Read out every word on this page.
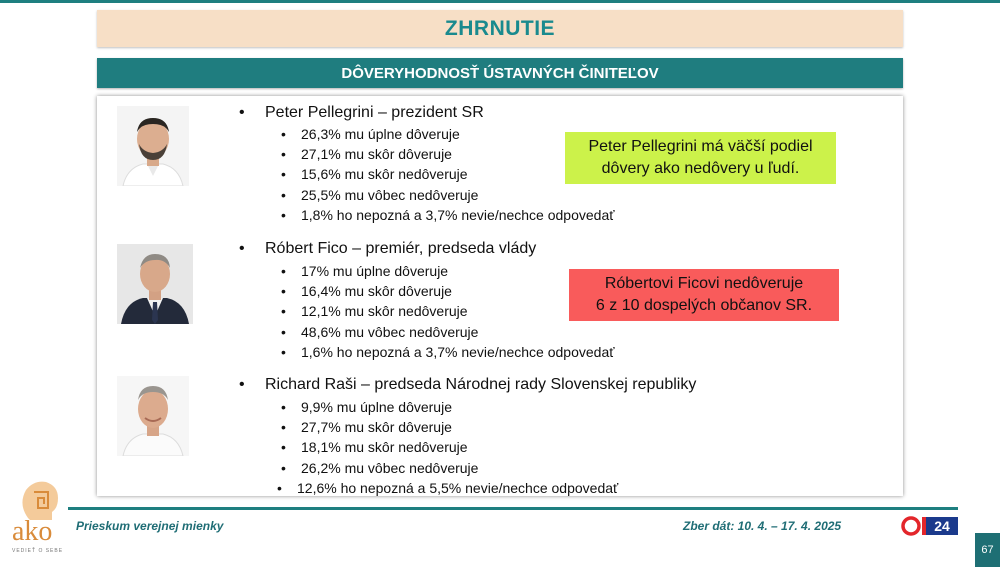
ZHRNUTIE
DÔVERYHODNOSŤ ÚSTAVNÝCH ČINITEĽOV
• Peter Pellegrini – prezident SR
• 26,3% mu úplne dôveruje
• 27,1% mu skôr dôveruje
• 15,6% mu skôr nedôveruje
• 25,5% mu vôbec nedôveruje
• 1,8% ho nepozná a 3,7% nevie/nechce odpovedať
• Róbert Fico – premiér, predseda vlády
• 17% mu úplne dôveruje
• 16,4% mu skôr dôveruje
• 12,1% mu skôr nedôveruje
• 48,6% mu vôbec nedôveruje
• 1,6% ho nepozná a 3,7% nevie/nechce odpovedať
• Richard Raši – predseda Národnej rady Slovenskej republiky
• 9,9% mu úplne dôveruje
• 27,7% mu skôr dôveruje
• 18,1% mu skôr nedôveruje
• 26,2% mu vôbec nedôveruje
• 12,6% ho nepozná a 5,5% nevie/nechce odpovedať
Peter Pellegrini má väčší podiel
dôvery ako nedôvery u ľudí.
Róbertovi Ficovi nedôveruje
6 z 10 dospelých občanov SR.
ako
VEDIEŤ O SEBE
Prieskum verejnej mienky	Zber dát: 10. 4. – 17. 4. 2025	24
67
